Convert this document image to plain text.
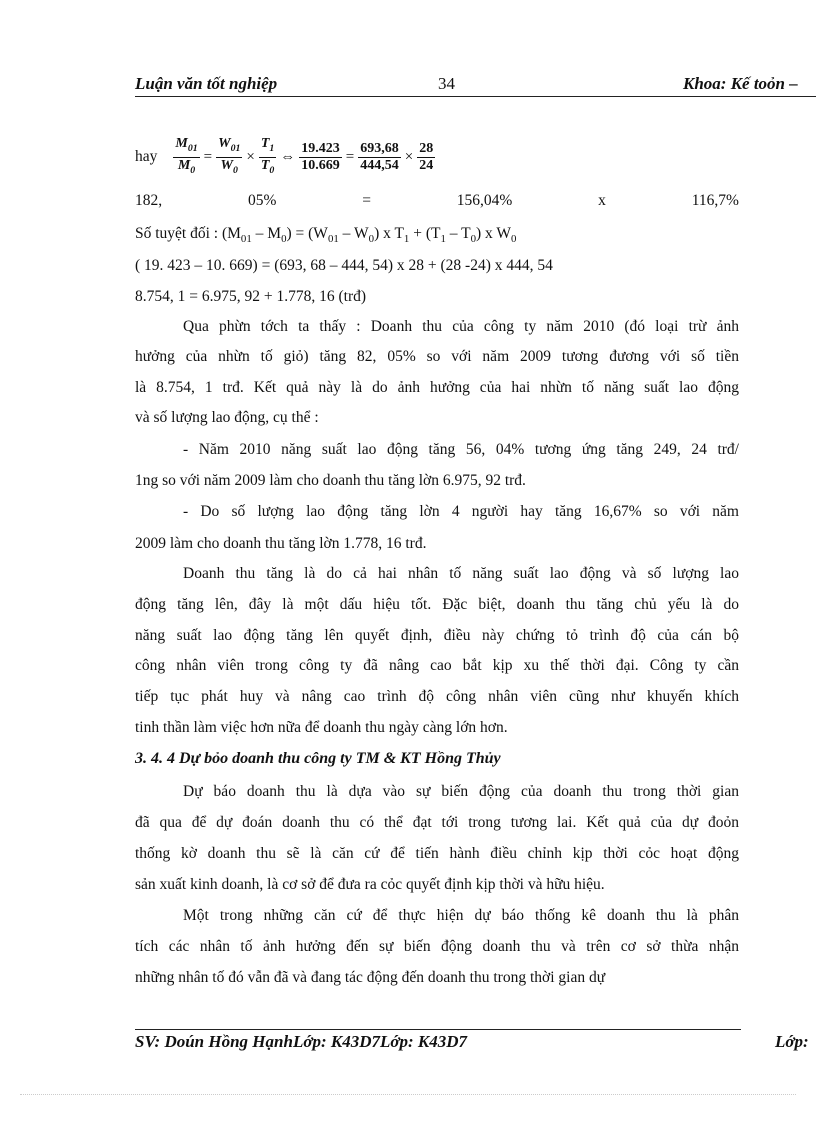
Luận văn tốt nghiệp	34	Khoa: Kế toỏn –
hay $\frac{M_{01}}{M_0} = \frac{W_{01}}{W_0} \times \frac{T_1}{T_0}$ ⇔ $\frac{19.423}{10.669} = \frac{693,68}{444,54} \times \frac{28}{24}$
182,	05%	=	156,04%	x	116,7%
Số tuyệt đối : $(M_{01} - M_0) = (W_{01} - W_0)$ x $T_1 + (T_1 - T_0)$ x $W_0$
( 19. 423 – 10. 669) = (693, 68 – 444, 54) x 28 + (28 -24) x 444, 54
8.754, 1 = 6.975, 92 + 1.778, 16 (trđ)
Qua phừn tớch ta thấy : Doanh thu của công ty năm 2010 (đó loại trừ ảnh
hưởng của nhừn tố giỏ) tăng 82, 05% so với năm 2009 tương đương với số tiền
là 8.754, 1 trđ. Kết quả này là do ảnh hưởng của hai nhừn tố năng suất lao động
và số lượng lao động, cụ thể :
- Năm 2010 năng suất lao động tăng 56, 04% tương ứng tăng 249, 24 trđ/
1ng so với năm 2009 làm cho doanh thu tăng lờn 6.975, 92 trđ.
- Do số lượng lao động tăng lờn 4 người hay tăng 16,67% so với năm
2009 làm cho doanh thu tăng lờn 1.778, 16 trđ.
Doanh thu tăng là do cả hai nhân tố năng suất lao động và số lượng lao
động tăng lên, đây là một dấu hiệu tốt. Đặc biệt, doanh thu tăng chủ yếu là do
năng suất lao động tăng lên quyết định, điều này chứng tỏ trình độ của cán bộ
công nhân viên trong công ty đã nâng cao bắt kịp xu thế thời đại. Công ty cần
tiếp tục phát huy và nâng cao trình độ công nhân viên cũng như khuyến khích
tinh thần làm việc hơn nữa để doanh thu ngày càng lớn hơn.
3. 4. 4 Dự bỏo doanh thu công ty TM & KT Hồng Thủy
Dự báo doanh thu là dựa vào sự biến động của doanh thu trong thời gian
đã qua để dự đoán doanh thu có thể đạt tới trong tương lai. Kết quả của dự đoỏn
thống kờ doanh thu sẽ là căn cứ để tiến hành điều chỉnh kịp thời cỏc hoạt động
sản xuất kinh doanh, là cơ sở để đưa ra cỏc quyết định kịp thời và hữu hiệu.
Một trong những căn cứ để thực hiện dự báo thống kê doanh thu là phân
tích các nhân tố ảnh hưởng đến sự biến động doanh thu và trên cơ sở thừa nhận
những nhân tố đó vẫn đã và đang tác động đến doanh thu trong thời gian dự
SV: Doún Hồng HạnhLớp: K43D7Lớp: K43D7	Lớp:
